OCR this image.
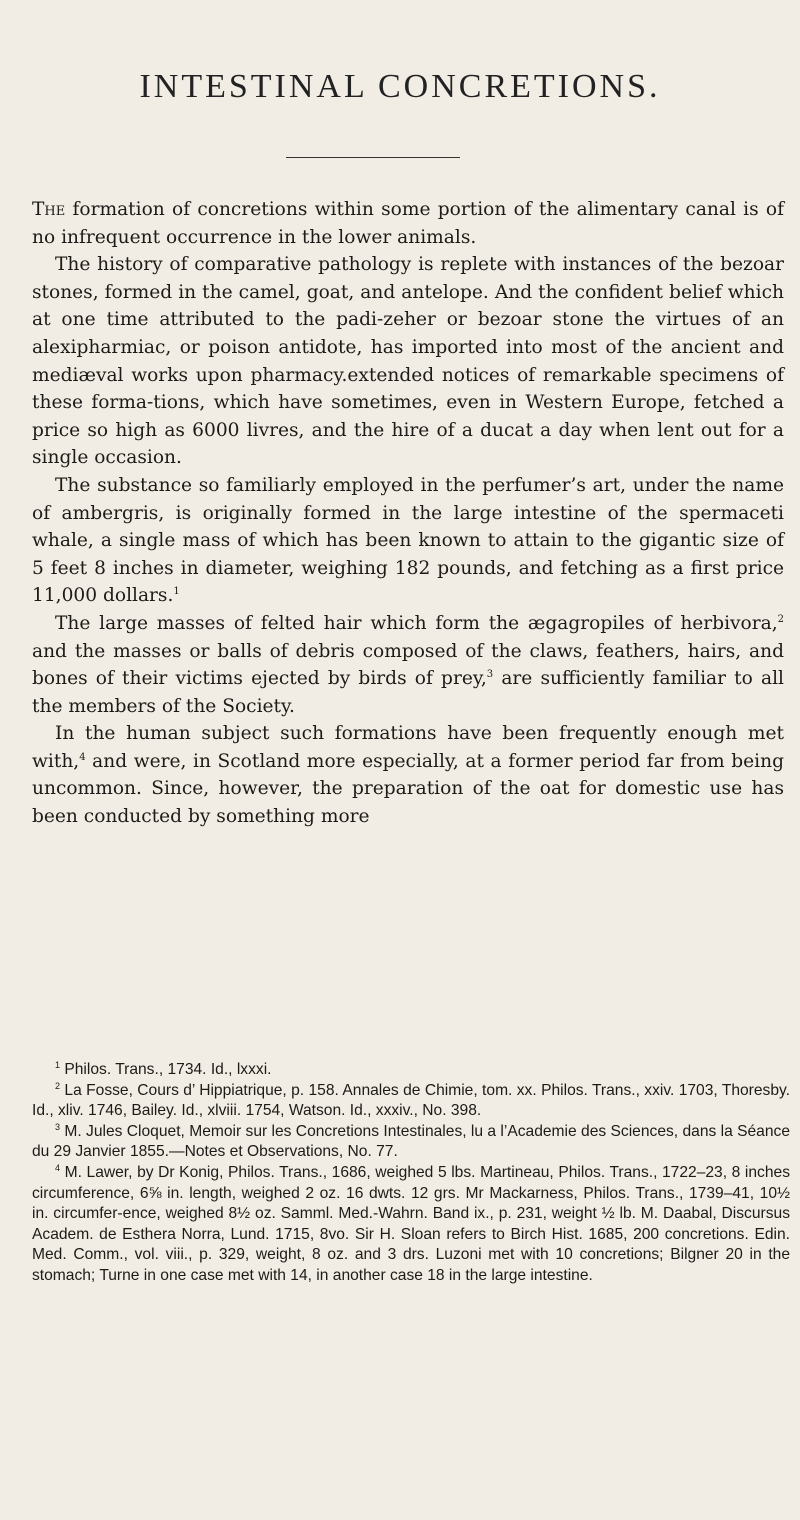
INTESTINAL CONCRETIONS.

The formation of concretions within some portion of the alimentary canal is of no infrequent occurrence in the lower animals.

The history of comparative pathology is replete with instances of the bezoar stones, formed in the camel, goat, and antelope. And the confident belief which at one time attributed to the padi-zeher or bezoar stone the virtues of an alexipharmiac, or poison antidote, has imported into most of the ancient and mediæval works upon pharmacy.extended notices of remarkable specimens of these forma-tions, which have sometimes, even in Western Europe, fetched a price so high as 6000 livres, and the hire of a ducat a day when lent out for a single occasion.

The substance so familiarly employed in the perfumer’s art, under the name of ambergris, is originally formed in the large intestine of the spermaceti whale, a single mass of which has been known to attain to the gigantic size of 5 feet 8 inches in diameter, weighing 182 pounds, and fetching as a first price 11,000 dollars.$^1$

The large masses of felted hair which form the ægagropiles of herbivora,$^2$ and the masses or balls of debris composed of the claws, feathers, hairs, and bones of their victims ejected by birds of prey,$^3$ are sufficiently familiar to all the members of the Society.

In the human subject such formations have been frequently enough met with,$^4$ and were, in Scotland more especially, at a former period far from being uncommon. Since, however, the preparation of the oat for domestic use has been conducted by something more

$^1$ Philos. Trans., 1734. Id., lxxxi.

$^2$ La Fosse, Cours d’ Hippiatrique, p. 158. Annales de Chimie, tom. xx. Philos. Trans., xxiv. 1703, Thoresby. Id., xliv. 1746, Bailey. Id., xlviii. 1754, Watson. Id., xxxiv., No. 398.

$^3$ M. Jules Cloquet, Memoir sur les Concretions Intestinales, lu a l’Academie des Sciences, dans la Séance du 29 Janvier 1855.—Notes et Observations, No. 77.

$^4$ M. Lawer, by Dr Konig, Philos. Trans., 1686, weighed 5 lbs. Martineau, Philos. Trans., 1722–23, 8 inches circumference, 6⅝ in. length, weighed 2 oz. 16 dwts. 12 grs. Mr Mackarness, Philos. Trans., 1739–41, 10½ in. circumfer-ence, weighed 8½ oz. Samml. Med.-Wahrn. Band ix., p. 231, weight ½ lb. M. Daabal, Discursus Academ. de Esthera Norra, Lund. 1715, 8vo. Sir H. Sloan refers to Birch Hist. 1685, 200 concretions. Edin. Med. Comm., vol. viii., p. 329, weight, 8 oz. and 3 drs. Luzoni met with 10 concretions; Bilgner 20 in the stomach; Turne in one case met with 14, in another case 18 in the large intestine.
